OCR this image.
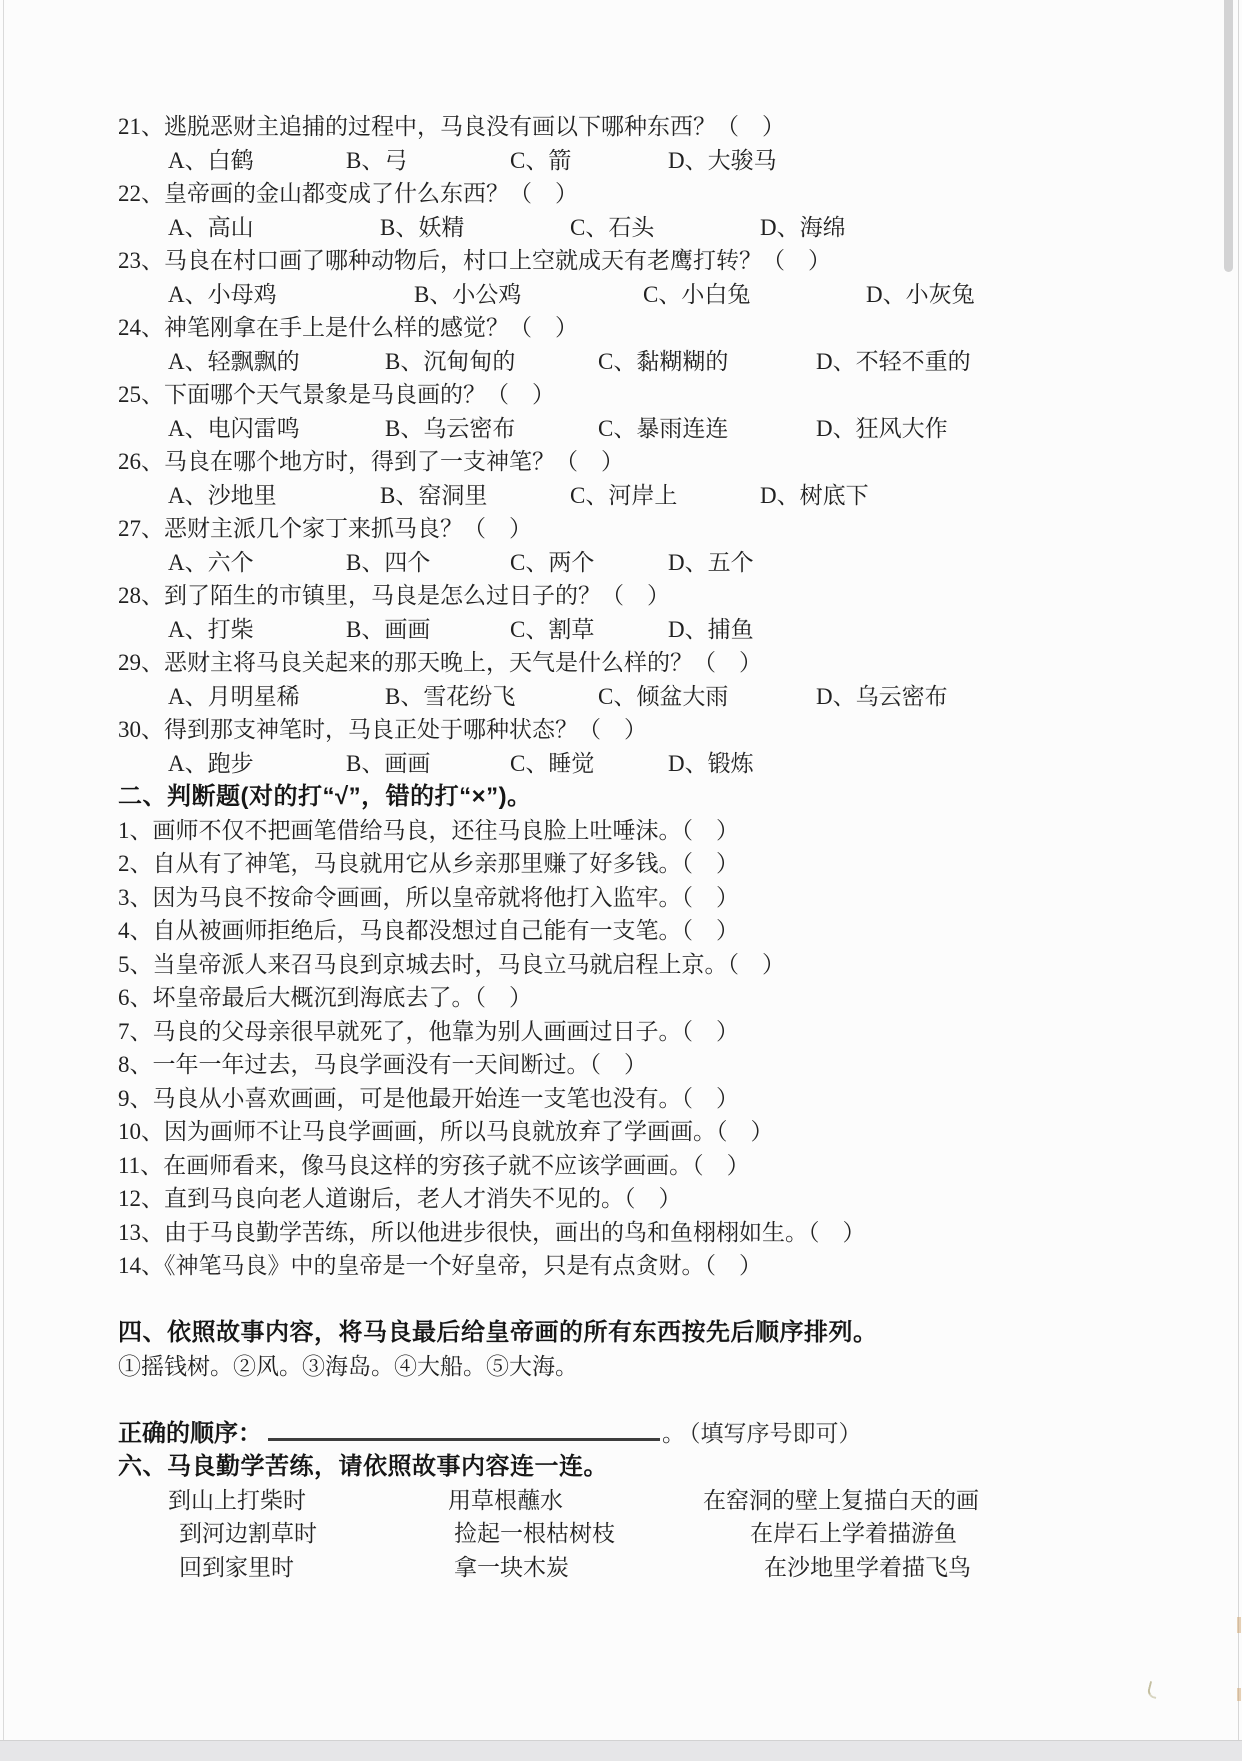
21、逃脱恶财主追捕的过程中，马良没有画以下哪种东西？（　）
A、白鹤	B、弓	C、箭	D、大骏马
22、皇帝画的金山都变成了什么东西？（　）
A、高山	B、妖精	C、石头	D、海绵
23、马良在村口画了哪种动物后，村口上空就成天有老鹰打转？（　）
A、小母鸡	B、小公鸡	C、小白兔	D、小灰兔
24、神笔刚拿在手上是什么样的感觉？（　）
A、轻飘飘的	B、沉甸甸的	C、黏糊糊的	D、不轻不重的
25、下面哪个天气景象是马良画的？（　）
A、电闪雷鸣	B、乌云密布	C、暴雨连连	D、狂风大作
26、马良在哪个地方时，得到了一支神笔？（　）
A、沙地里	B、窑洞里	C、河岸上	D、树底下
27、恶财主派几个家丁来抓马良？（　）
A、六个	B、四个	C、两个	D、五个
28、到了陌生的市镇里，马良是怎么过日子的？（　）
A、打柴	B、画画	C、割草	D、捕鱼
29、恶财主将马良关起来的那天晚上，天气是什么样的？（　）
A、月明星稀	B、雪花纷飞	C、倾盆大雨	D、乌云密布
30、得到那支神笔时，马良正处于哪种状态？（　）
A、跑步	B、画画	C、睡觉	D、锻炼
二、判断题(对的打“√”，错的打“×”)。
1、画师不仅不把画笔借给马良，还往马良脸上吐唾沫。（　）
2、自从有了神笔，马良就用它从乡亲那里赚了好多钱。（　）
3、因为马良不按命令画画，所以皇帝就将他打入监牢。（　）
4、自从被画师拒绝后，马良都没想过自己能有一支笔。（　）
5、当皇帝派人来召马良到京城去时，马良立马就启程上京。（　）
6、坏皇帝最后大概沉到海底去了。（　）
7、马良的父母亲很早就死了，他靠为别人画画过日子。（　）
8、一年一年过去，马良学画没有一天间断过。（　）
9、马良从小喜欢画画，可是他最开始连一支笔也没有。（　）
10、因为画师不让马良学画画，所以马良就放弃了学画画。（　）
11、在画师看来，像马良这样的穷孩子就不应该学画画。（　）
12、直到马良向老人道谢后，老人才消失不见的。（　）
13、由于马良勤学苦练，所以他进步很快，画出的鸟和鱼栩栩如生。（　）
14、《神笔马良》中的皇帝是一个好皇帝，只是有点贪财。（　）
四、依照故事内容，将马良最后给皇帝画的所有东西按先后顺序排列。
①摇钱树。②风。③海岛。④大船。⑤大海。
正确的顺序：	。 （填写序号即可）
六、马良勤学苦练，请依照故事内容连一连。
到山上打柴时	用草根蘸水	在窑洞的壁上复描白天的画
到河边割草时	捡起一根枯树枝	在岸石上学着描游鱼
回到家里时	拿一块木炭	在沙地里学着描飞鸟
